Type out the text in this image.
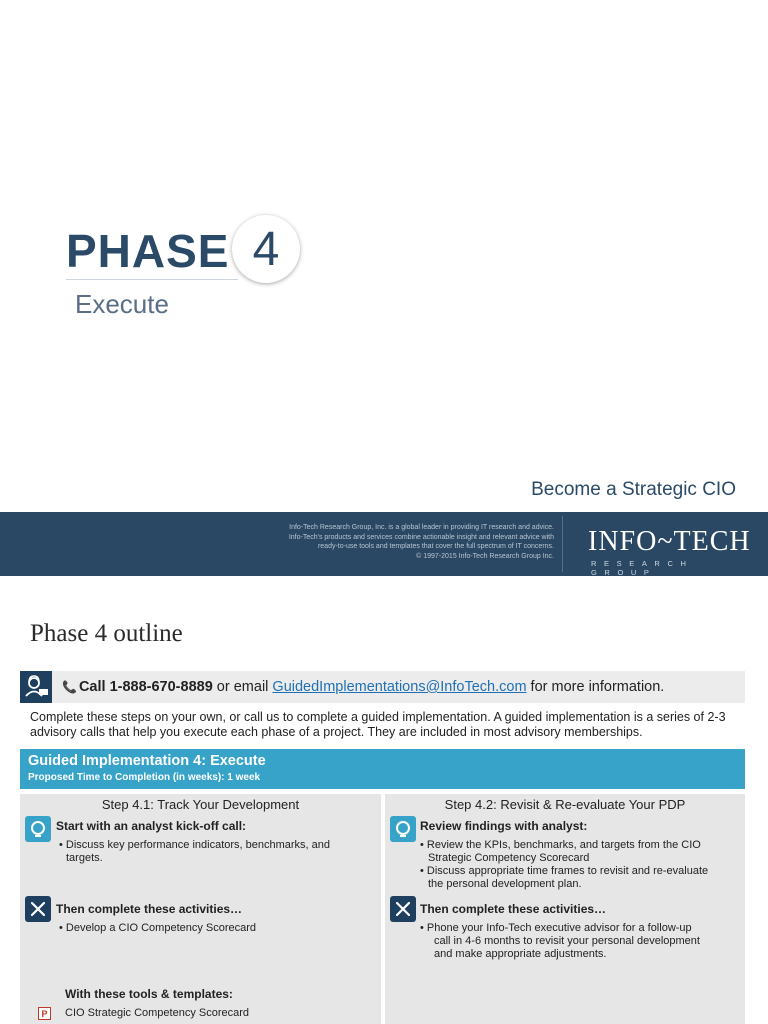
PHASE 4
Execute
Become a Strategic CIO
Info-Tech Research Group, Inc. is a global leader in providing IT research and advice.
Info-Tech's products and services combine actionable insight and relevant advice with
ready-to-use tools and templates that cover the full spectrum of IT concerns.
© 1997-2015 Info-Tech Research Group Inc. INFO~TECH
RESEARCH GROUP
Phase 4 outline
📞 Call 1-888-670-8889 or email GuidedImplementations@InfoTech.com for more information.
Complete these steps on your own, or call us to complete a guided implementation. A guided implementation is a series of 2-3 advisory calls that help you execute each phase of a project. They are included in most advisory memberships.
Guided Implementation 4: Execute
Proposed Time to Completion (in weeks): 1 week
Step 4.1: Track Your Development
Start with an analyst kick-off call:
• Discuss key performance indicators, benchmarks, and
targets.
Then complete these activities…
• Develop a CIO Competency Scorecard
With these tools & templates:
P	CIO Strategic Competency Scorecard
Step 4.2: Revisit & Re-evaluate Your PDP
Review findings with analyst:
• Review the KPIs, benchmarks, and targets from the CIO
Strategic Competency Scorecard
• Discuss appropriate time frames to revisit and re-evaluate
the personal development plan.
Then complete these activities…
• Phone your Info-Tech executive advisor for a follow-up
call in 4-6 months to revisit your personal development
and make appropriate adjustments.
